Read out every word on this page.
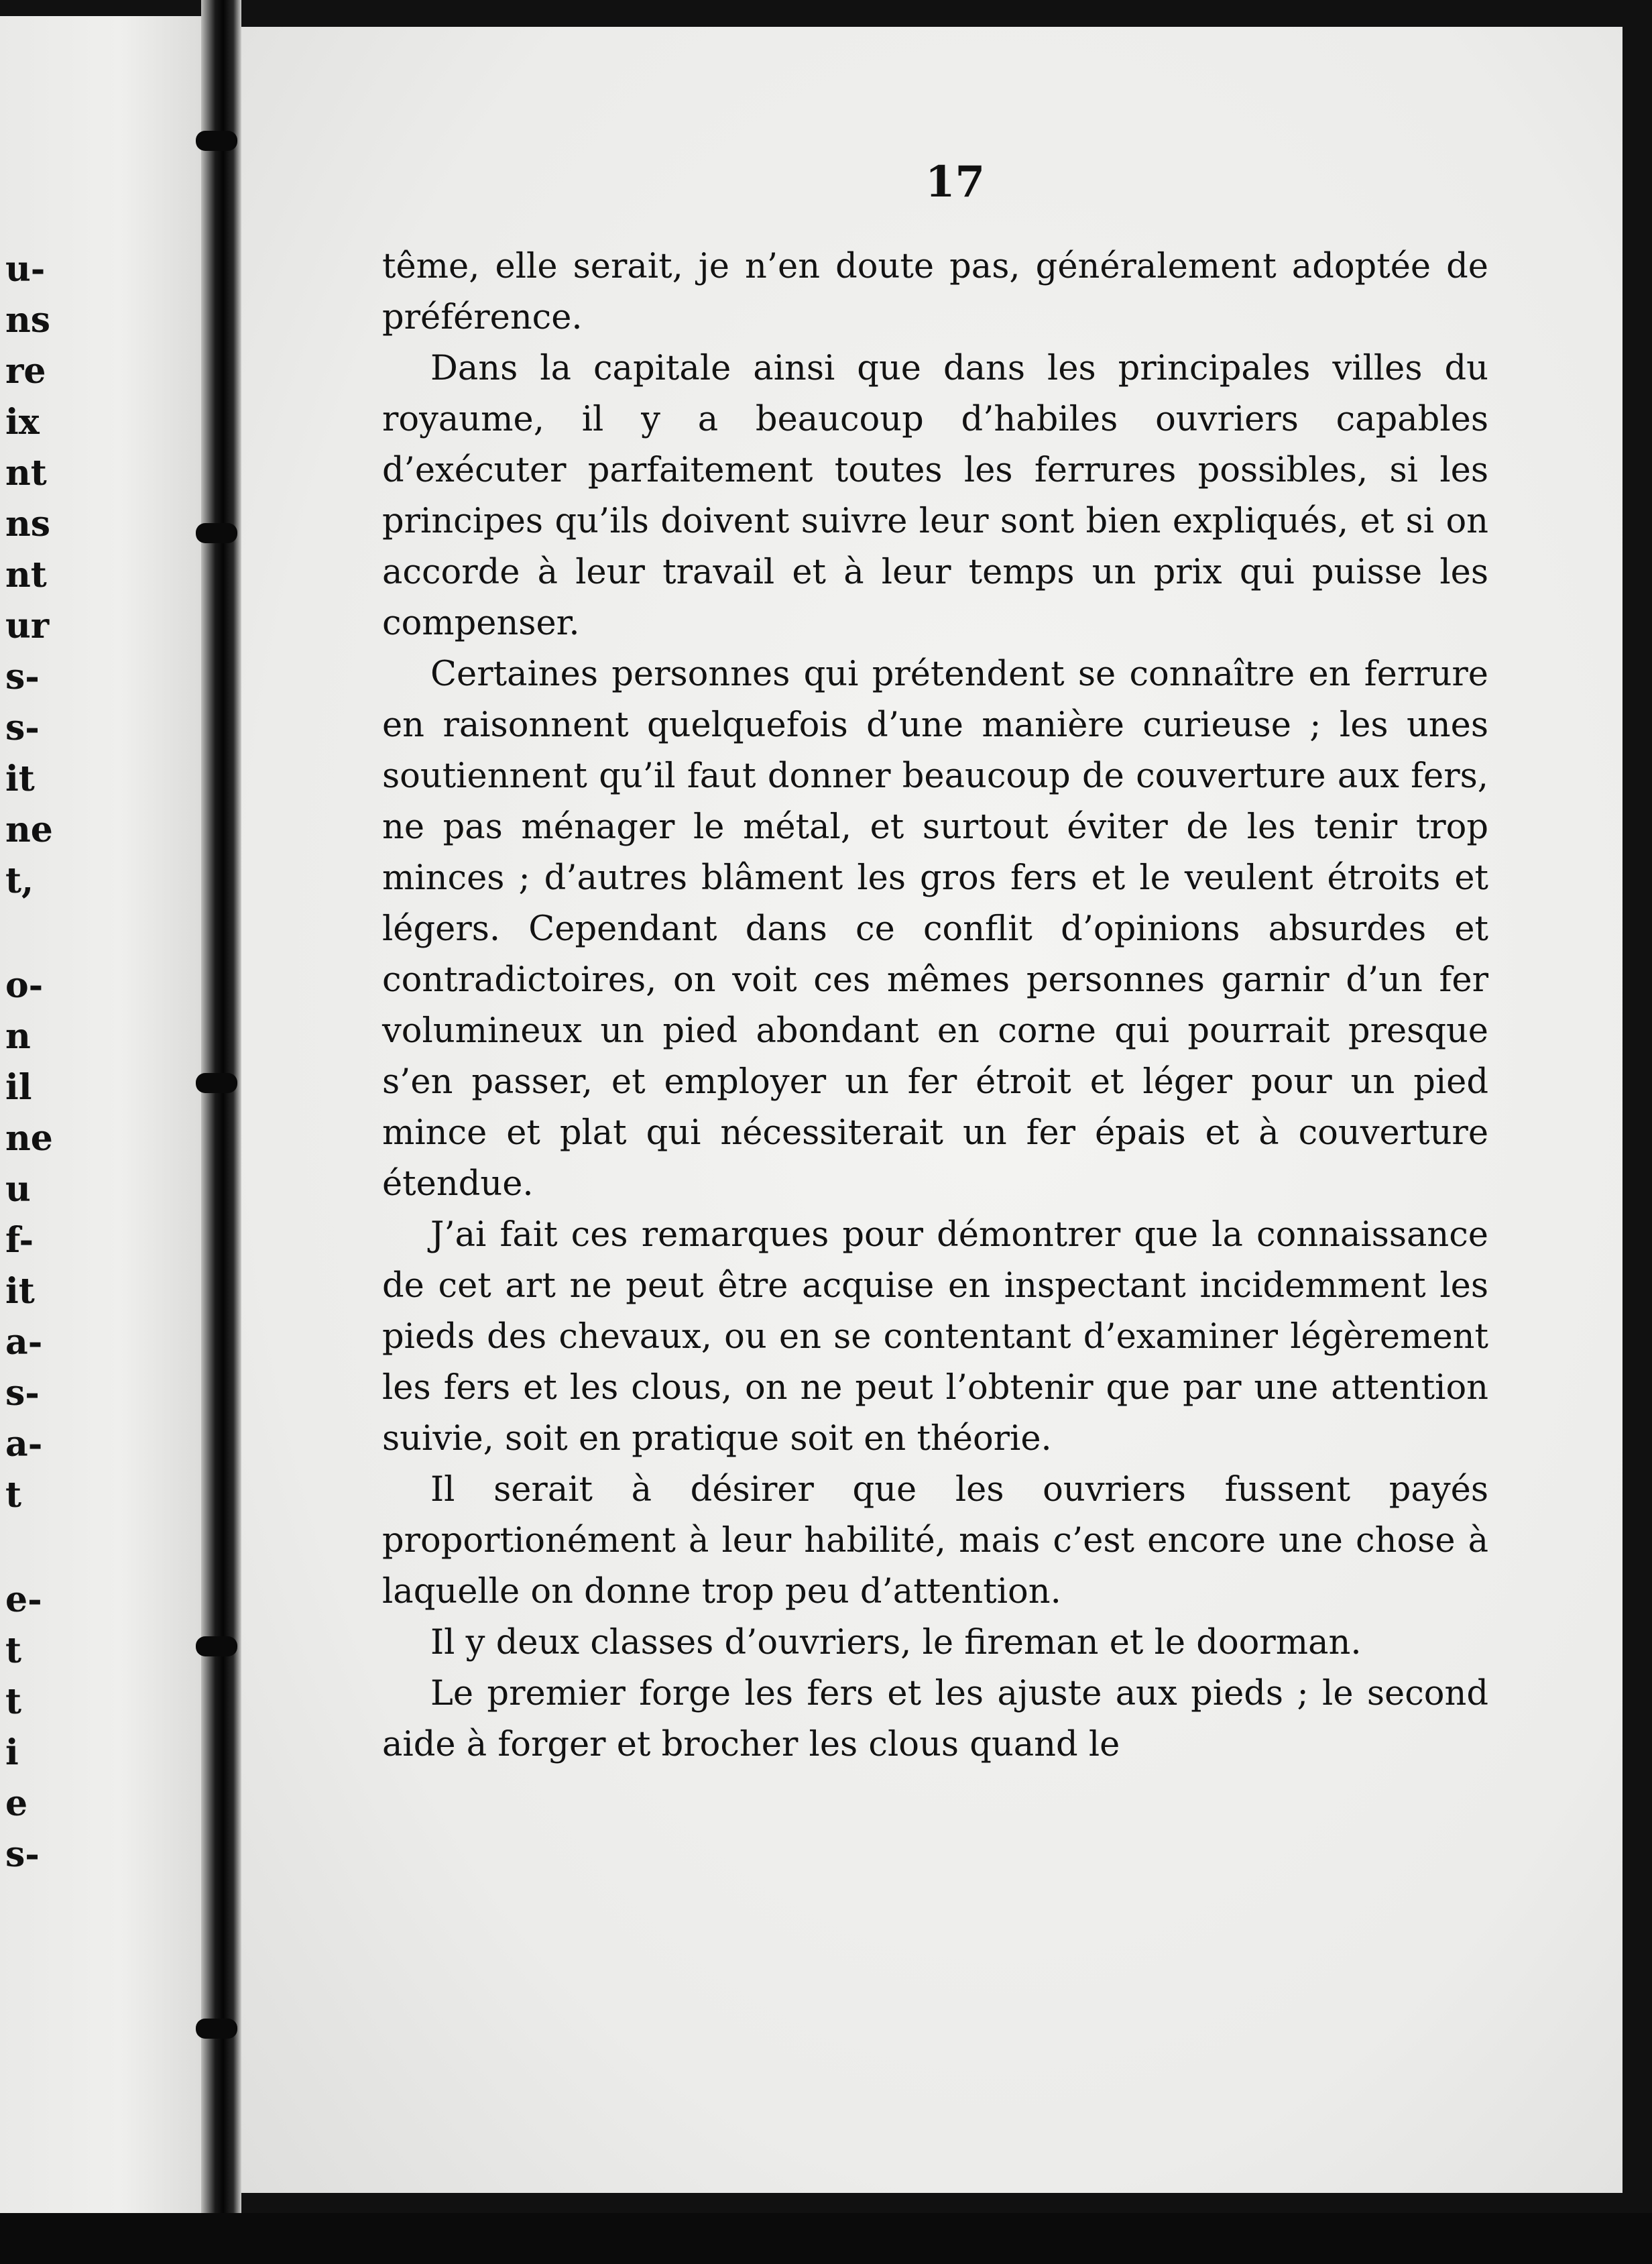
u-
ns
re
ix
nt
ns
nt
ur
s-
s-
it
ne
t,
o-
n
il
ne
u
f-
it
a-
s-
a-
t
e-
t
t
i
e
s-
17

tême, elle serait, je n’en doute pas, généralement adoptée de préférence.

Dans la capitale ainsi que dans les principales villes du royaume, il y a beaucoup d’habiles ouvriers capables d’exécuter parfaitement toutes les ferrures possibles, si les principes qu’ils doivent suivre leur sont bien expliqués, et si on accorde à leur travail et à leur temps un prix qui puisse les compenser.

Certaines personnes qui prétendent se connaître en ferrure en raisonnent quelquefois d’une manière curieuse ; les unes soutiennent qu’il faut donner beaucoup de couverture aux fers, ne pas ménager le métal, et surtout éviter de les tenir trop minces ; d’autres blâment les gros fers et le veulent étroits et légers. Cependant dans ce conflit d’opinions absurdes et contradictoires, on voit ces mêmes personnes garnir d’un fer volumineux un pied abondant en corne qui pourrait presque s’en passer, et employer un fer étroit et léger pour un pied mince et plat qui nécessiterait un fer épais et à couverture étendue.

J’ai fait ces remarques pour démontrer que la connaissance de cet art ne peut être acquise en inspectant incidemment les pieds des chevaux, ou en se contentant d’examiner légèrement les fers et les clous, on ne peut l’obtenir que par une attention suivie, soit en pratique soit en théorie.

Il serait à désirer que les ouvriers fussent payés proportionément à leur habilité, mais c’est encore une chose à laquelle on donne trop peu d’attention.

Il y deux classes d’ouvriers, le fireman et le doorman.

Le premier forge les fers et les ajuste aux pieds ; le second aide à forger et brocher les clous quand le
